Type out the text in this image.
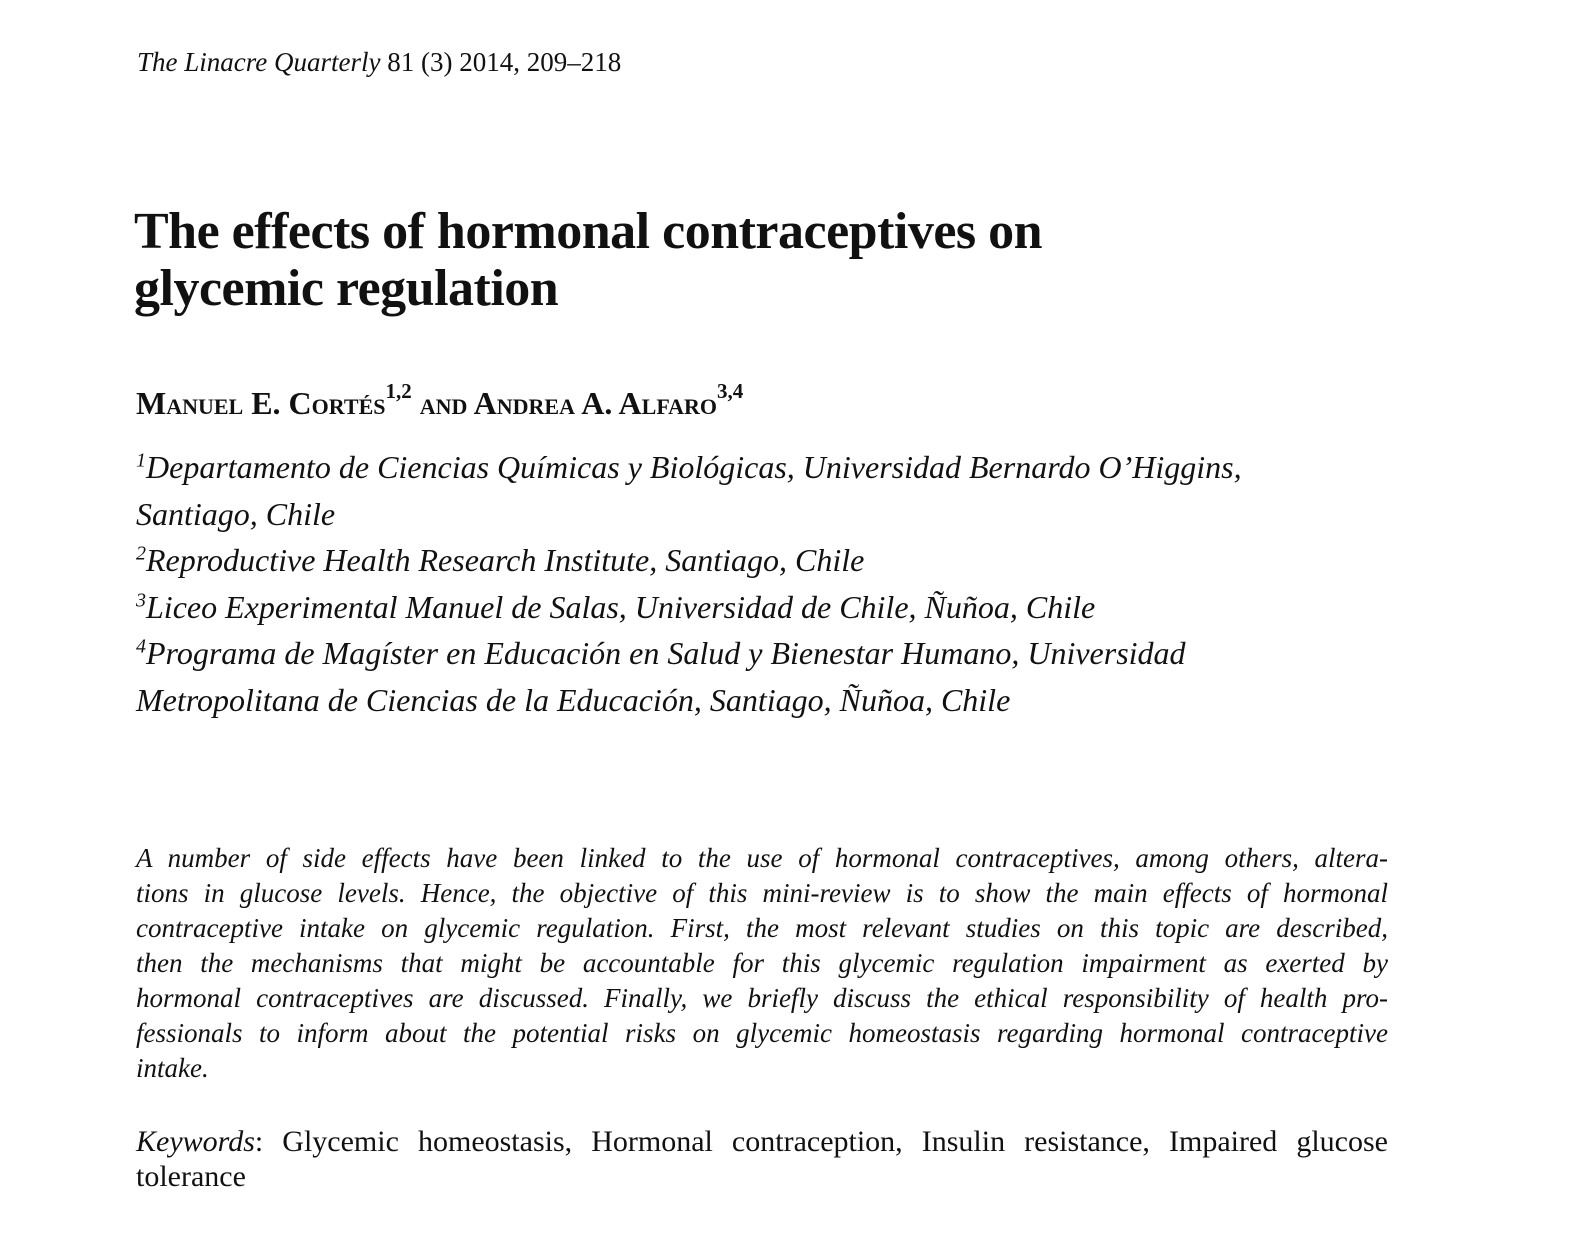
The Linacre Quarterly 81 (3) 2014, 209–218
The effects of hormonal contraceptives on
glycemic regulation
Manuel E. Cortés$^{1,2}$ and Andrea A. Alfaro$^{3,4}$
$^1$Departamento de Ciencias Químicas y Biológicas, Universidad Bernardo O’Higgins,
Santiago, Chile
$^2$Reproductive Health Research Institute, Santiago, Chile
$^3$Liceo Experimental Manuel de Salas, Universidad de Chile, Ñuñoa, Chile
$^4$Programa de Magíster en Educación en Salud y Bienestar Humano, Universidad
Metropolitana de Ciencias de la Educación, Santiago, Ñuñoa, Chile

A number of side effects have been linked to the use of hormonal contraceptives, among others, altera-
tions in glucose levels. Hence, the objective of this mini-review is to show the main effects of hormonal
contraceptive intake on glycemic regulation. First, the most relevant studies on this topic are described,
then the mechanisms that might be accountable for this glycemic regulation impairment as exerted by
hormonal contraceptives are discussed. Finally, we briefly discuss the ethical responsibility of health pro-
fessionals to inform about the potential risks on glycemic homeostasis regarding hormonal contraceptive
intake.

Keywords: Glycemic homeostasis, Hormonal contraception, Insulin resistance, Impaired glucose
tolerance
